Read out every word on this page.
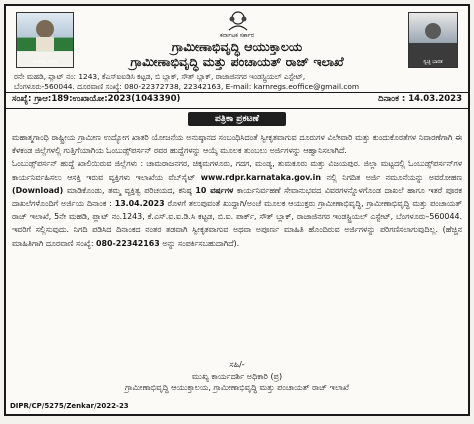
ಮಹಾತ್ಮ ಗಾಂಧಿ	ಸ್ವಚ್ಛ ಭಾರತ
ಕರ್ನಾಟಕ ಸರ್ಕಾರ
ಗ್ರಾಮೀಣಾಭಿವೃದ್ಧಿ ಆಯುಕ್ತಾಲಯ
ಗ್ರಾಮೀಣಾಭಿವೃದ್ಧಿ ಮತ್ತು ಪಂಚಾಯತ್ ರಾಜ್ ಇಲಾಖೆ
ರನೇ ಮಹಡಿ, ಪ್ಲಾಟ್ ನಂ: 1243, ಕೆಎಸ್ಐಐಡಿಸಿ ಕಟ್ಟಡ, ಬಿ ಬ್ಲಾಕ್, ಸೌತ್ ಬ್ಲಾಕ್, ರಾಜಾಜಿನಗರ ಇಂಡಸ್ಟ್ರಿಯಲ್ ಎಸ್ಟೇಟ್,
ಬೆಂಗಳೂರು-560044. ದೂರವಾಣಿ ಸಂಖ್ಯೆ: 080-22372738, 22342163, E-mail: karnregs.eoffice@gmail.com
ಸಂಖ್ಯೆ: ಗ್ರಾಆ:189:ಉಖಾಯೋ:2023(1043390)	ದಿನಾಂಕ : 14.03.2023
ಪತ್ರಿಕಾ ಪ್ರಕಟಣೆ

ಮಹಾತ್ಮಗಾಂಧಿ ರಾಷ್ಟ್ರೀಯ ಗ್ರಾಮೀಣ ಉದ್ಯೋಗ ಖಾತರಿ ಯೋಜನೆಯ ಅನುಷ್ಠಾನದ ಸಂಬಂಧಿಸಿದಂತೆ ಸ್ವೀಕೃತವಾಗುವ ದೂರುಗಳ ವಿಲೇವಾರಿ ಮತ್ತು ಕುಂದುಕೊರತೆಗಳ ನಿವಾರಣೆಗಾಗಿ ಈ ಕೆಳಕಂಡ ಜಿಲ್ಲೆಗಳಲ್ಲಿ ಗುತ್ತಿಗೆಯಾಗಿಯ ಓಂಬುಡ್ಸ್‌ಪರ್ಸನ್ ರವರ ಹುದ್ದೆಗಳನ್ನು ಆಯ್ಕೆ ಮೂಲಕ ತುಂಬಲು ಅರ್ಜಿಗಳನ್ನು ಆಹ್ವಾನಿಸಲಾಗಿದೆ.

ಓಂಬುಡ್ಸ್‌ಪರ್ಸನ್ ಹುದ್ದೆ ಖಾಲಿಯಿರುವ ಜಿಲ್ಲೆಗಳು : ಚಾಮರಾಜನಗರ, ಚಿಕ್ಕಮಗಳೂರು, ಗದಗ, ಮಂಡ್ಯ, ತುಮಕೂರು ಮತ್ತು ವಿಜಯಪುರ. ಜಿಲ್ಲಾ ಮಟ್ಟದಲ್ಲಿ ಓಂಬುಡ್ಸ್‌ಪರ್ಸನ್‌ಗಳ ಕಾರ್ಯನಿರ್ವಹಿಸಲು ಆಸಕ್ತಿ ಇರುವ ವ್ಯಕ್ತಿಗಳು ಇಲಾಖೆಯ ವೆಬ್‌ಸೈಟ್ www.rdpr.karnataka.gov.in ನಲ್ಲಿ ನಿಗದಿತ ಅರ್ಜಿ ನಮೂನೆಯನ್ನು ಅವರೋಹಣ (Download) ಮಾಡಿಕೊಂಡು, ತಮ್ಮ ವ್ಯಕ್ತಿತ್ವ ಪರಿಚಯದ, ಕನಿಷ್ಠ 10 ವರ್ಷಗಳ ಕಾರ್ಯನಿರ್ವಹಣೆ ಸೇವಾನುಭವದ ವಿವರಗಳನ್ನೊಳಗೊಂಡ ದಾಖಲೆ ಹಾಗೂ ಇತರೆ ಪೂರಕ ದಾಖಲೆಗಳೊಂದಿಗೆ ಅರ್ಜಿಯ ದಿನಾಂಕ : 13.04.2023 ರೊಳಗೆ ತಲುಪುವಂತೆ ಖುದ್ದಾಗಿ/ಅಂಚೆ ಮೂಲಕ ಆಯುಕ್ತರು ಗ್ರಾಮೀಣಾಭಿವೃದ್ಧಿ, ಗ್ರಾಮೀಣಾಭಿವೃದ್ಧಿ ಮತ್ತು ಪಂಚಾಯತ್ ರಾಜ್ ಇಲಾಖೆ, 5ನೇ ಮಹಡಿ, ಪ್ಲಾಟ್ ನಂ.1243, ಕೆ.ಎಸ್.ಐ.ಐ.ಡಿ.ಸಿ ಕಟ್ಟಡ, ಬಿ.ಐ. ಪಾರ್ಕ್, ಸೌತ್ ಬ್ಲಾಕ್, ರಾಜಾಜಿನಗರ ಇಂಡಸ್ಟ್ರಿಯಲ್ ಎಸ್ಟೇಟ್, ಬೆಂಗಳೂರು–560044. ಇವರಿಗೆ ಸಲ್ಲಿಸುವುದು. ನಿಗದಿ ಪಡಿಸಿದ ದಿನಾಂಕದ ನಂತರ ತಡವಾಗಿ ಸ್ವೀಕೃತವಾಗುವ ಅಥವಾ ಅಪೂರ್ಣ ಮಾಹಿತಿ ಹೊಂದಿರುವ ಅರ್ಜಿಗಳನ್ನು ಪರಿಗಣಿಸಲಾಗುವುದಿಲ್ಲ. (ಹೆಚ್ಚಿನ ಮಾಹಿತಿಗಾಗಿ ದೂರವಾಣಿ ಸಂಖ್ಯೆ: 080-22342163 ಅನ್ನು ಸಂಪರ್ಕಿಸಬಹುದಾಗಿದೆ).

ಸಹಿ/-
ಮುಖ್ಯ ಕಾರ್ಯದರ್ಶಿ ಅಧಿಕಾರಿ (ಪ್ರ)
ಗ್ರಾಮೀಣಾಭಿವೃದ್ಧಿ ಆಯುಕ್ತಾಲಯ, ಗ್ರಾಮೀಣಾಭಿವೃದ್ಧಿ ಮತ್ತು ಪಂಚಾಯತ್ ರಾಜ್ ಇಲಾಖೆ
DIPR/CP/5275/Zenkar/2022-23
